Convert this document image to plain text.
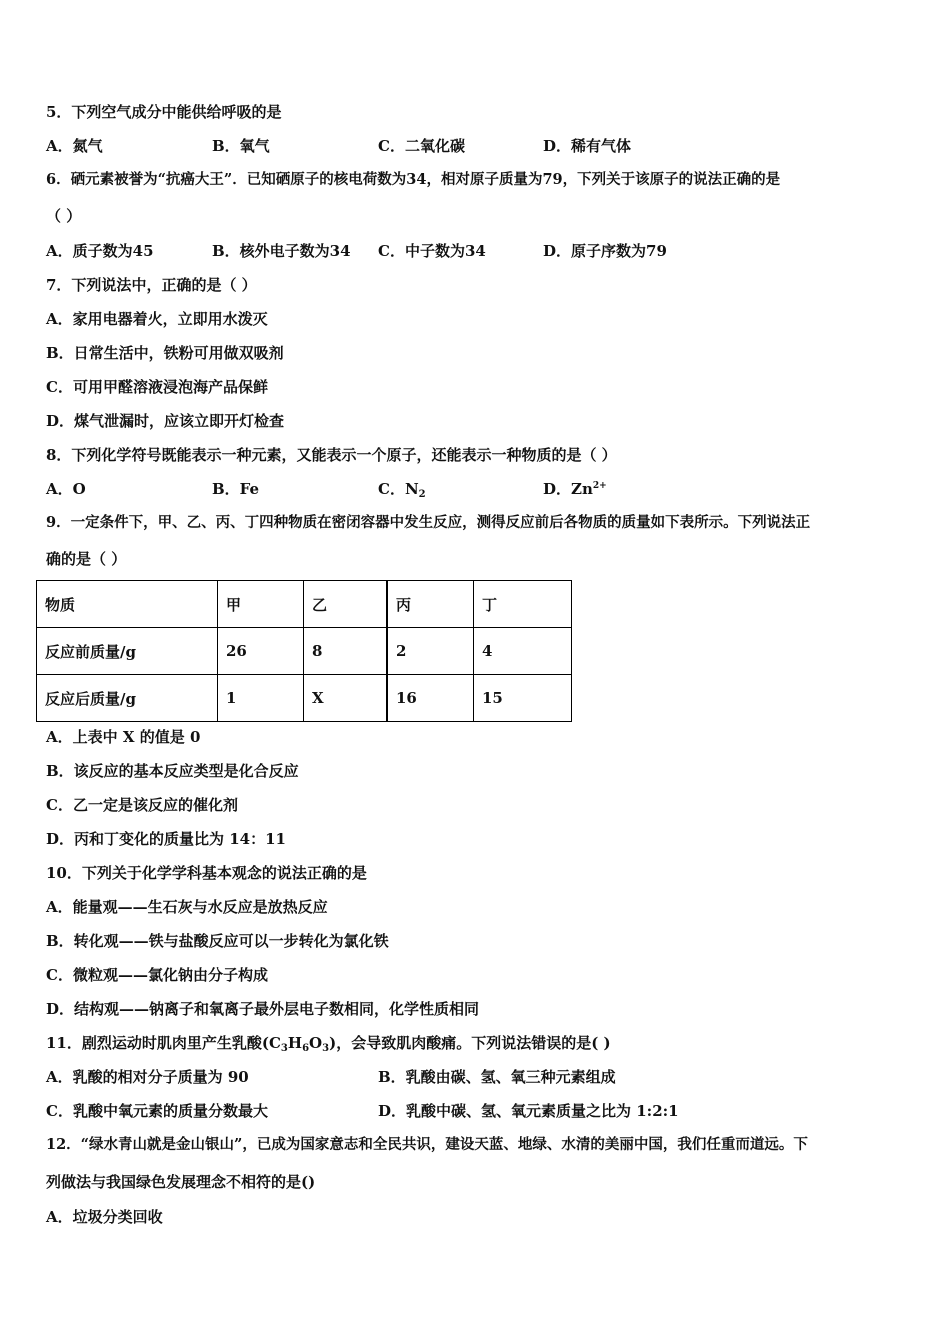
5．下列空气成分中能供给呼吸的是
A．氮气	B．氧气	C．二氧化碳	D．稀有气体
6．硒元素被誉为“抗癌大王”．已知硒原子的核电荷数为34，相对原子质量为79，下列关于该原子的说法正确的是
（ ）
A．质子数为45	B．核外电子数为34 C．中子数为34	D．原子序数为79
7．下列说法中，正确的是（ ）
A．家用电器着火，立即用水泼灭
B．日常生活中，铁粉可用做双吸剂
C．可用甲醛溶液浸泡海产品保鲜
D．煤气泄漏时，应该立即开灯检查
8．下列化学符号既能表示一种元素，又能表示一个原子，还能表示一种物质的是（ ）
A．O	B．Fe	C．$N_2$	D．$Zn^{2+}$
9．一定条件下，甲、乙、丙、丁四种物质在密闭容器中发生反应，测得反应前后各物质的质量如下表所示。下列说法正
确的是（ ）
物质	甲	乙	丙	丁
反应前质量/g	26	8	2	4
反应后质量/g	1	X	16	15
A．上表中 X 的值是 0
B．该反应的基本反应类型是化合反应
C．乙一定是该反应的催化剂
D．丙和丁变化的质量比为 14：11
10．下列关于化学学科基本观念的说法正确的是
A．能量观——生石灰与水反应是放热反应
B．转化观——铁与盐酸反应可以一步转化为氯化铁
C．微粒观——氯化钠由分子构成
D．结构观——钠离子和氧离子最外层电子数相同，化学性质相同
11．剧烈运动时肌肉里产生乳酸$(C_3H_6O_3)$，会导致肌肉酸痛。下列说法错误的是( )
A．乳酸的相对分子质量为 90	B．乳酸由碳、氢、氧三种元素组成
C．乳酸中氧元素的质量分数最大	D．乳酸中碳、氢、氧元素质量之比为 1:2:1
12．“绿水青山就是金山银山”，已成为国家意志和全民共识，建设天蓝、地绿、水清的美丽中国，我们任重而道远。下
列做法与我国绿色发展理念不相符的是()
A．垃圾分类回收
